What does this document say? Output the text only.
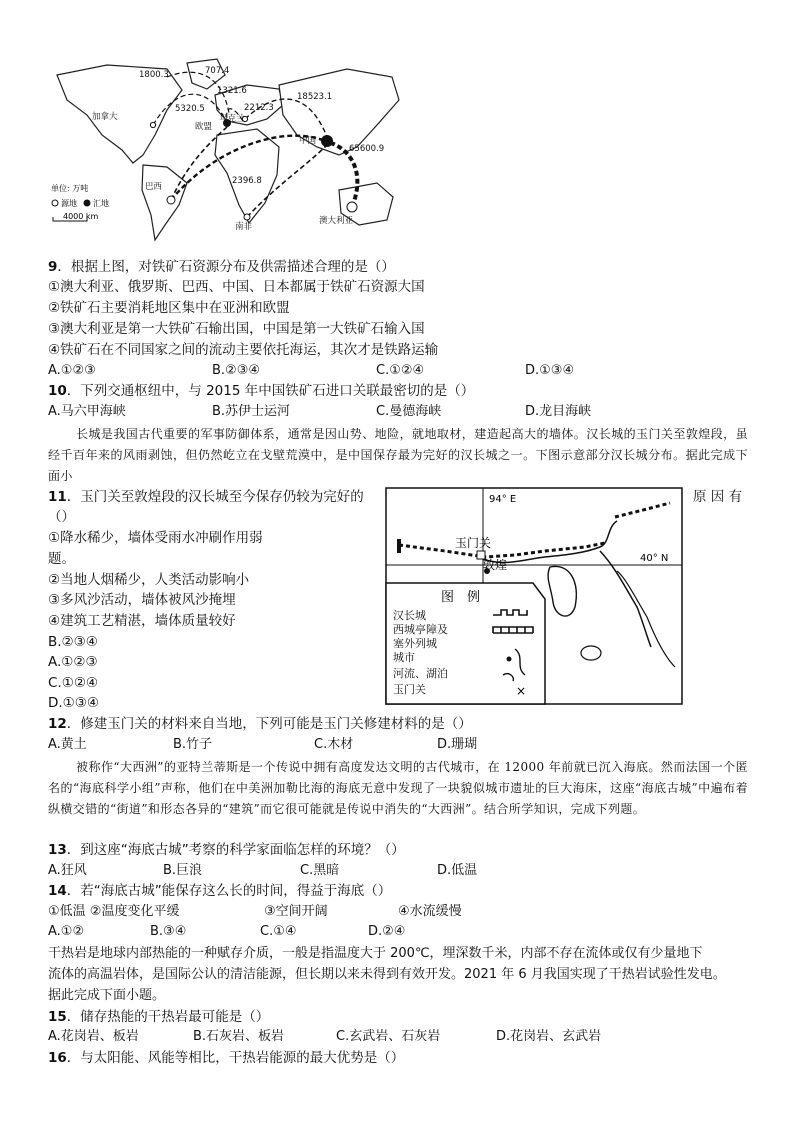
1800.3	707.4
1321.6
5320.5	2212.3
18523.1
65600.9
2396.8
加拿大
欧盟
乌克兰
中国
巴西
南非
澳大利亚
单位: 万吨
源地 汇地
4000 km
9．根据上图，对铁矿石资源分布及供需描述合理的是（）
①澳大利亚、俄罗斯、巴西、中国、日本都属于铁矿石资源大国
②铁矿石主要消耗地区集中在亚洲和欧盟
③澳大利亚是第一大铁矿石输出国，中国是第一大铁矿石输入国
④铁矿石在不同国家之间的流动主要依托海运，其次才是铁路运输
A.①②③	B.②③④	C.①②④	D.①③④
10．下列交通枢纽中，与 2015 年中国铁矿石进口关联最密切的是（）
A.马六甲海峡	B.苏伊士运河	C.曼德海峡	D.龙目海峡
长城是我国古代重要的军事防御体系，通常是因山势、地险，就地取材，建造起高大的墙体。汉长城的玉门关至敦煌段，虽经千百年来的风雨剥蚀，但仍然屹立在戈壁荒漠中，是中国保存最为完好的汉长城之一。下图示意部分汉长城分布。据此完成下面小
11．玉门关至敦煌段的汉长城至今保存仍较为完好的	原 因 有
（）
①降水稀少，墙体受雨水冲刷作用弱
题。
②当地人烟稀少，人类活动影响小
③多风沙活动，墙体被风沙掩埋
④建筑工艺精湛，墙体质量较好
B.②③④
A.①②③
C.①②④
D.①③④
94° E
40° N
玉门关
敦煌
图　例
汉长城
西城亭障及
塞外列城
城市
河流、湖泊
玉门关	×
12．修建玉门关的材料来自当地，下列可能是玉门关修建材料的是（）
A.黄土	B.竹子	C.木材	D.珊瑚
被称作“大西洲”的亚特兰蒂斯是一个传说中拥有高度发达文明的古代城市，在 12000 年前就已沉入海底。然而法国一个匿名的“海底科学小组”声称，他们在中美洲加勒比海的海底无意中发现了一块貌似城市遗址的巨大海床，这座“海底古城”中遍布着纵横交错的“街道”和形态各异的“建筑”而它很可能就是传说中消失的“大西洲”。结合所学知识，完成下列题。
13．到这座“海底古城”考察的科学家面临怎样的环境？（）
A.狂风	B.巨浪	C.黑暗	D.低温
14．若“海底古城”能保存这么长的时间，得益于海底（）
①低温 ②温度变化平缓	③空间开阔	④水流缓慢
A.①②	B.③④	C.①④	D.②④
干热岩是地球内部热能的一种赋存介质，一般是指温度大于 200℃，埋深数千米，内部不存在流体或仅有少量地下
流体的高温岩体，是国际公认的清洁能源，但长期以来未得到有效开发。2021 年 6 月我国实现了干热岩试验性发电。
据此完成下面小题。
15．储存热能的干热岩最可能是（）
A.花岗岩、板岩	B.石灰岩、板岩	C.玄武岩、石灰岩	D.花岗岩、玄武岩
16．与太阳能、风能等相比，干热岩能源的最大优势是（）
